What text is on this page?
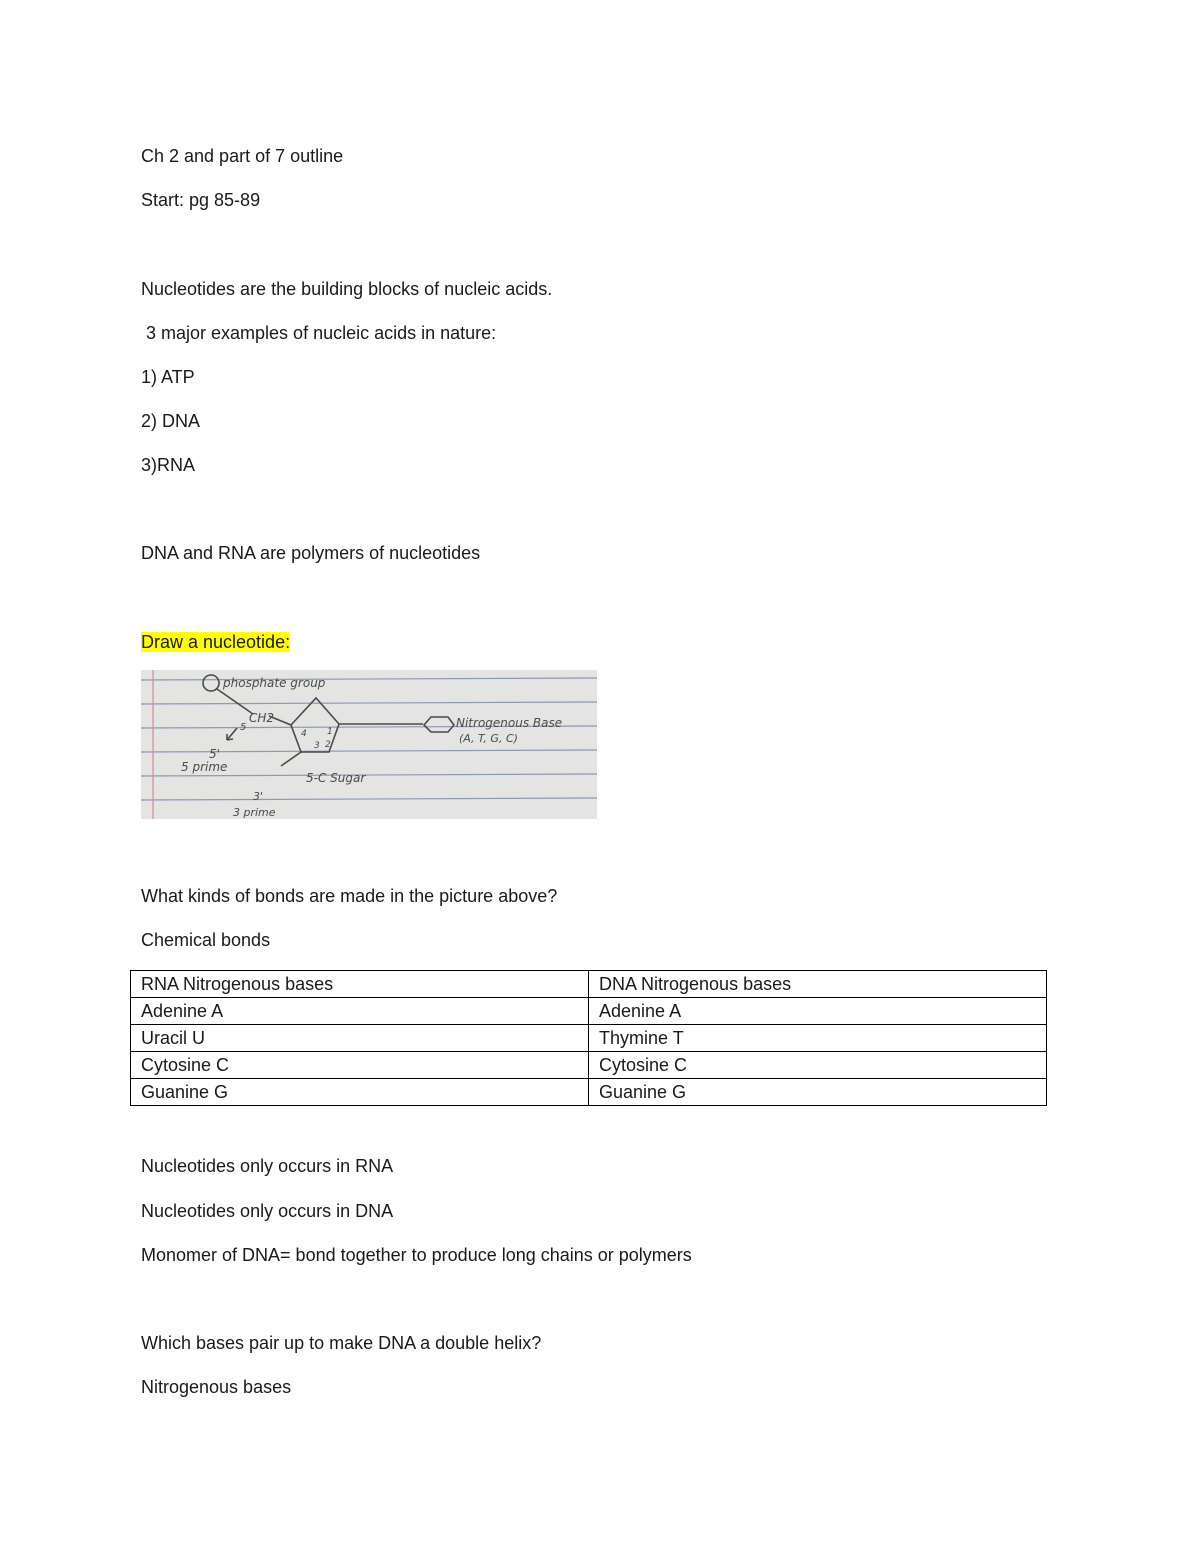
Ch 2 and part of 7 outline

Start: pg 85-89

Nucleotides are the building blocks of nucleic acids.

3 major examples of nucleic acids in nature:

1) ATP

2) DNA

3)RNA

DNA and RNA are polymers of nucleotides

Draw a nucleotide:

phosphate group
CH2
5
4 1
3 2
5'
5 prime
3'
3 prime
5-C Sugar
Nitrogenous Base
(A, T, G, C)

What kinds of bonds are made in the picture above?

Chemical bonds

RNA Nitrogenous bases	DNA Nitrogenous bases
Adenine A	Adenine A
Uracil U	Thymine T
Cytosine C	Cytosine C
Guanine G	Guanine G

Nucleotides only occurs in RNA

Nucleotides only occurs in DNA

Monomer of DNA= bond together to produce long chains or polymers

Which bases pair up to make DNA a double helix?

Nitrogenous bases
